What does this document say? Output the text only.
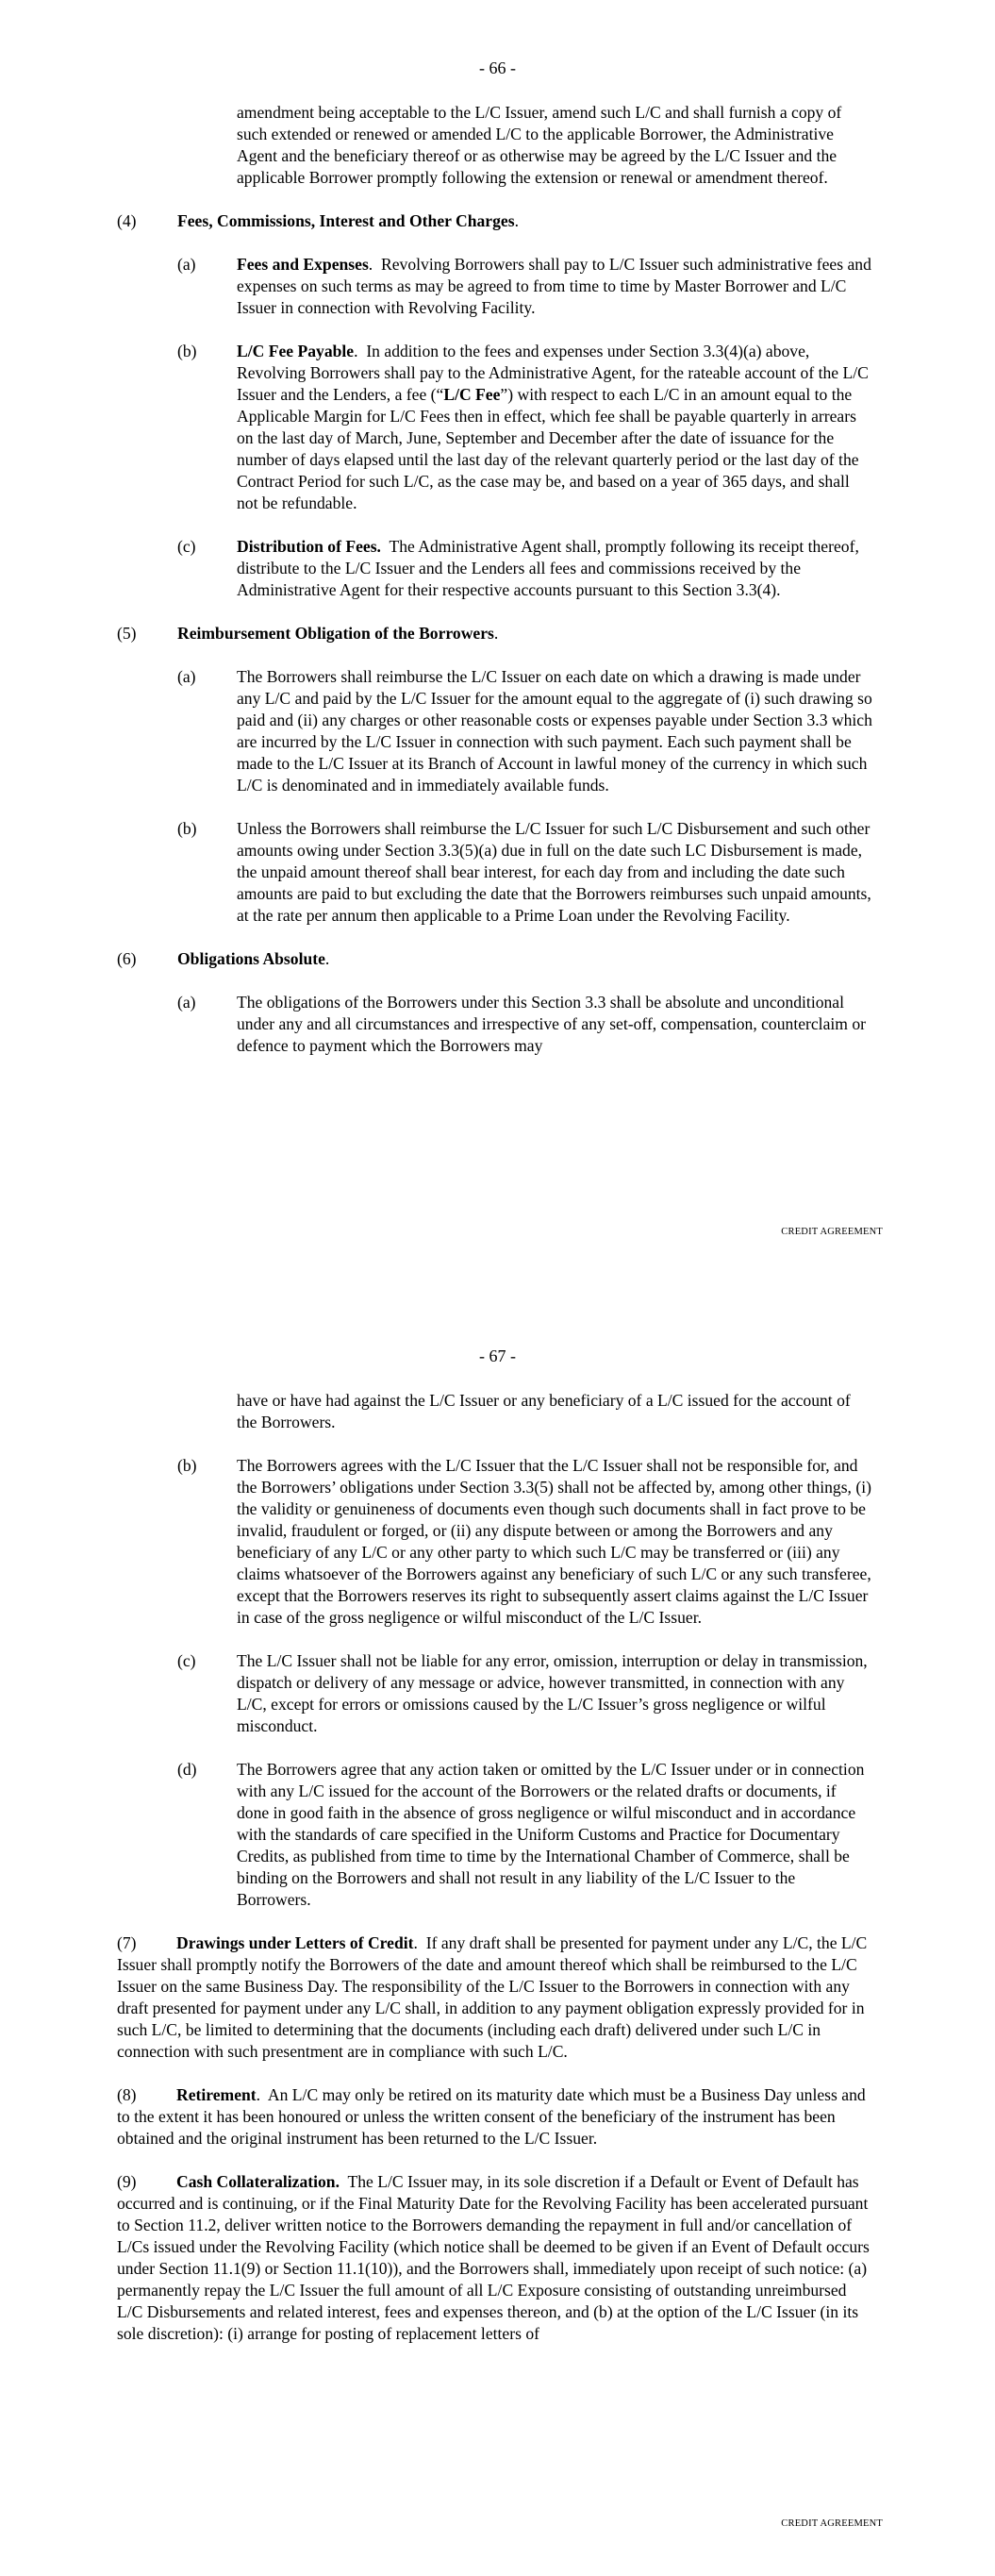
- 66 -

amendment being acceptable to the L/C Issuer, amend such L/C and shall furnish a copy of such extended or renewed or amended L/C to the applicable Borrower, the Administrative Agent and the beneficiary thereof or as otherwise may be agreed by the L/C Issuer and the applicable Borrower promptly following the extension or renewal or amendment thereof.

(4)	Fees, Commissions, Interest and Other Charges.
(a)	Fees and Expenses.  Revolving Borrowers shall pay to L/C Issuer such administrative fees and expenses on such terms as may be agreed to from time to time by Master Borrower and L/C Issuer in connection with Revolving Facility.
(b)	L/C Fee Payable.  In addition to the fees and expenses under Section 3.3(4)(a) above, Revolving Borrowers shall pay to the Administrative Agent, for the rateable account of the L/C Issuer and the Lenders, a fee (“L/C Fee”) with respect to each L/C in an amount equal to the Applicable Margin for L/C Fees then in effect, which fee shall be payable quarterly in arrears on the last day of March, June, September and December after the date of issuance for the number of days elapsed until the last day of the relevant quarterly period or the last day of the Contract Period for such L/C, as the case may be, and based on a year of 365 days, and shall not be refundable.
(c)	Distribution of Fees. The Administrative Agent shall, promptly following its receipt thereof, distribute to the L/C Issuer and the Lenders all fees and commissions received by the Administrative Agent for their respective accounts pursuant to this Section 3.3(4).
(5)	Reimbursement Obligation of the Borrowers.
(a)	The Borrowers shall reimburse the L/C Issuer on each date on which a drawing is made under any L/C and paid by the L/C Issuer for the amount equal to the aggregate of (i) such drawing so paid and (ii) any charges or other reasonable costs or expenses payable under Section 3.3 which are incurred by the L/C Issuer in connection with such payment. Each such payment shall be made to the L/C Issuer at its Branch of Account in lawful money of the currency in which such L/C is denominated and in immediately available funds.
(b)	Unless the Borrowers shall reimburse the L/C Issuer for such L/C Disbursement and such other amounts owing under Section 3.3(5)(a) due in full on the date such LC Disbursement is made, the unpaid amount thereof shall bear interest, for each day from and including the date such amounts are paid to but excluding the date that the Borrowers reimburses such unpaid amounts, at the rate per annum then applicable to a Prime Loan under the Revolving Facility.
(6)	Obligations Absolute.
(a)	The obligations of the Borrowers under this Section 3.3 shall be absolute and unconditional under any and all circumstances and irrespective of any set-off, compensation, counterclaim or defence to payment which the Borrowers may
CREDIT AGREEMENT
- 67 -

have or have had against the L/C Issuer or any beneficiary of a L/C issued for the account of the Borrowers.

(b)	The Borrowers agrees with the L/C Issuer that the L/C Issuer shall not be responsible for, and the Borrowers’ obligations under Section 3.3(5) shall not be affected by, among other things, (i) the validity or genuineness of documents even though such documents shall in fact prove to be invalid, fraudulent or forged, or (ii) any dispute between or among the Borrowers and any beneficiary of any L/C or any other party to which such L/C may be transferred or (iii) any claims whatsoever of the Borrowers against any beneficiary of such L/C or any such transferee, except that the Borrowers reserves its right to subsequently assert claims against the L/C Issuer in case of the gross negligence or wilful misconduct of the L/C Issuer.
(c)	The L/C Issuer shall not be liable for any error, omission, interruption or delay in transmission, dispatch or delivery of any message or advice, however transmitted, in connection with any L/C, except for errors or omissions caused by the L/C Issuer’s gross negligence or wilful misconduct.
(d)	The Borrowers agree that any action taken or omitted by the L/C Issuer under or in connection with any L/C issued for the account of the Borrowers or the related drafts or documents, if done in good faith in the absence of gross negligence or wilful misconduct and in accordance with the standards of care specified in the Uniform Customs and Practice for Documentary Credits, as published from time to time by the International Chamber of Commerce, shall be binding on the Borrowers and shall not result in any liability of the L/C Issuer to the Borrowers.

(7) Drawings under Letters of Credit.  If any draft shall be presented for payment under any L/C, the L/C Issuer shall promptly notify the Borrowers of the date and amount thereof which shall be reimbursed to the L/C Issuer on the same Business Day. The responsibility of the L/C Issuer to the Borrowers in connection with any draft presented for payment under any L/C shall, in addition to any payment obligation expressly provided for in such L/C, be limited to determining that the documents (including each draft) delivered under such L/C in connection with such presentment are in compliance with such L/C.

(8) Retirement.  An L/C may only be retired on its maturity date which must be a Business Day unless and to the extent it has been honoured or unless the written consent of the beneficiary of the instrument has been obtained and the original instrument has been returned to the L/C Issuer.

(9) Cash Collateralization. The L/C Issuer may, in its sole discretion if a Default or Event of Default has occurred and is continuing, or if the Final Maturity Date for the Revolving Facility has been accelerated pursuant to Section 11.2, deliver written notice to the Borrowers demanding the repayment in full and/or cancellation of L/Cs issued under the Revolving Facility (which notice shall be deemed to be given if an Event of Default occurs under Section 11.1(9) or Section 11.1(10)), and the Borrowers shall, immediately upon receipt of such notice: (a) permanently repay the L/C Issuer the full amount of all L/C Exposure consisting of outstanding unreimbursed L/C Disbursements and related interest, fees and expenses thereon, and (b) at the option of the L/C Issuer (in its sole discretion): (i) arrange for posting of replacement letters of

CREDIT AGREEMENT
